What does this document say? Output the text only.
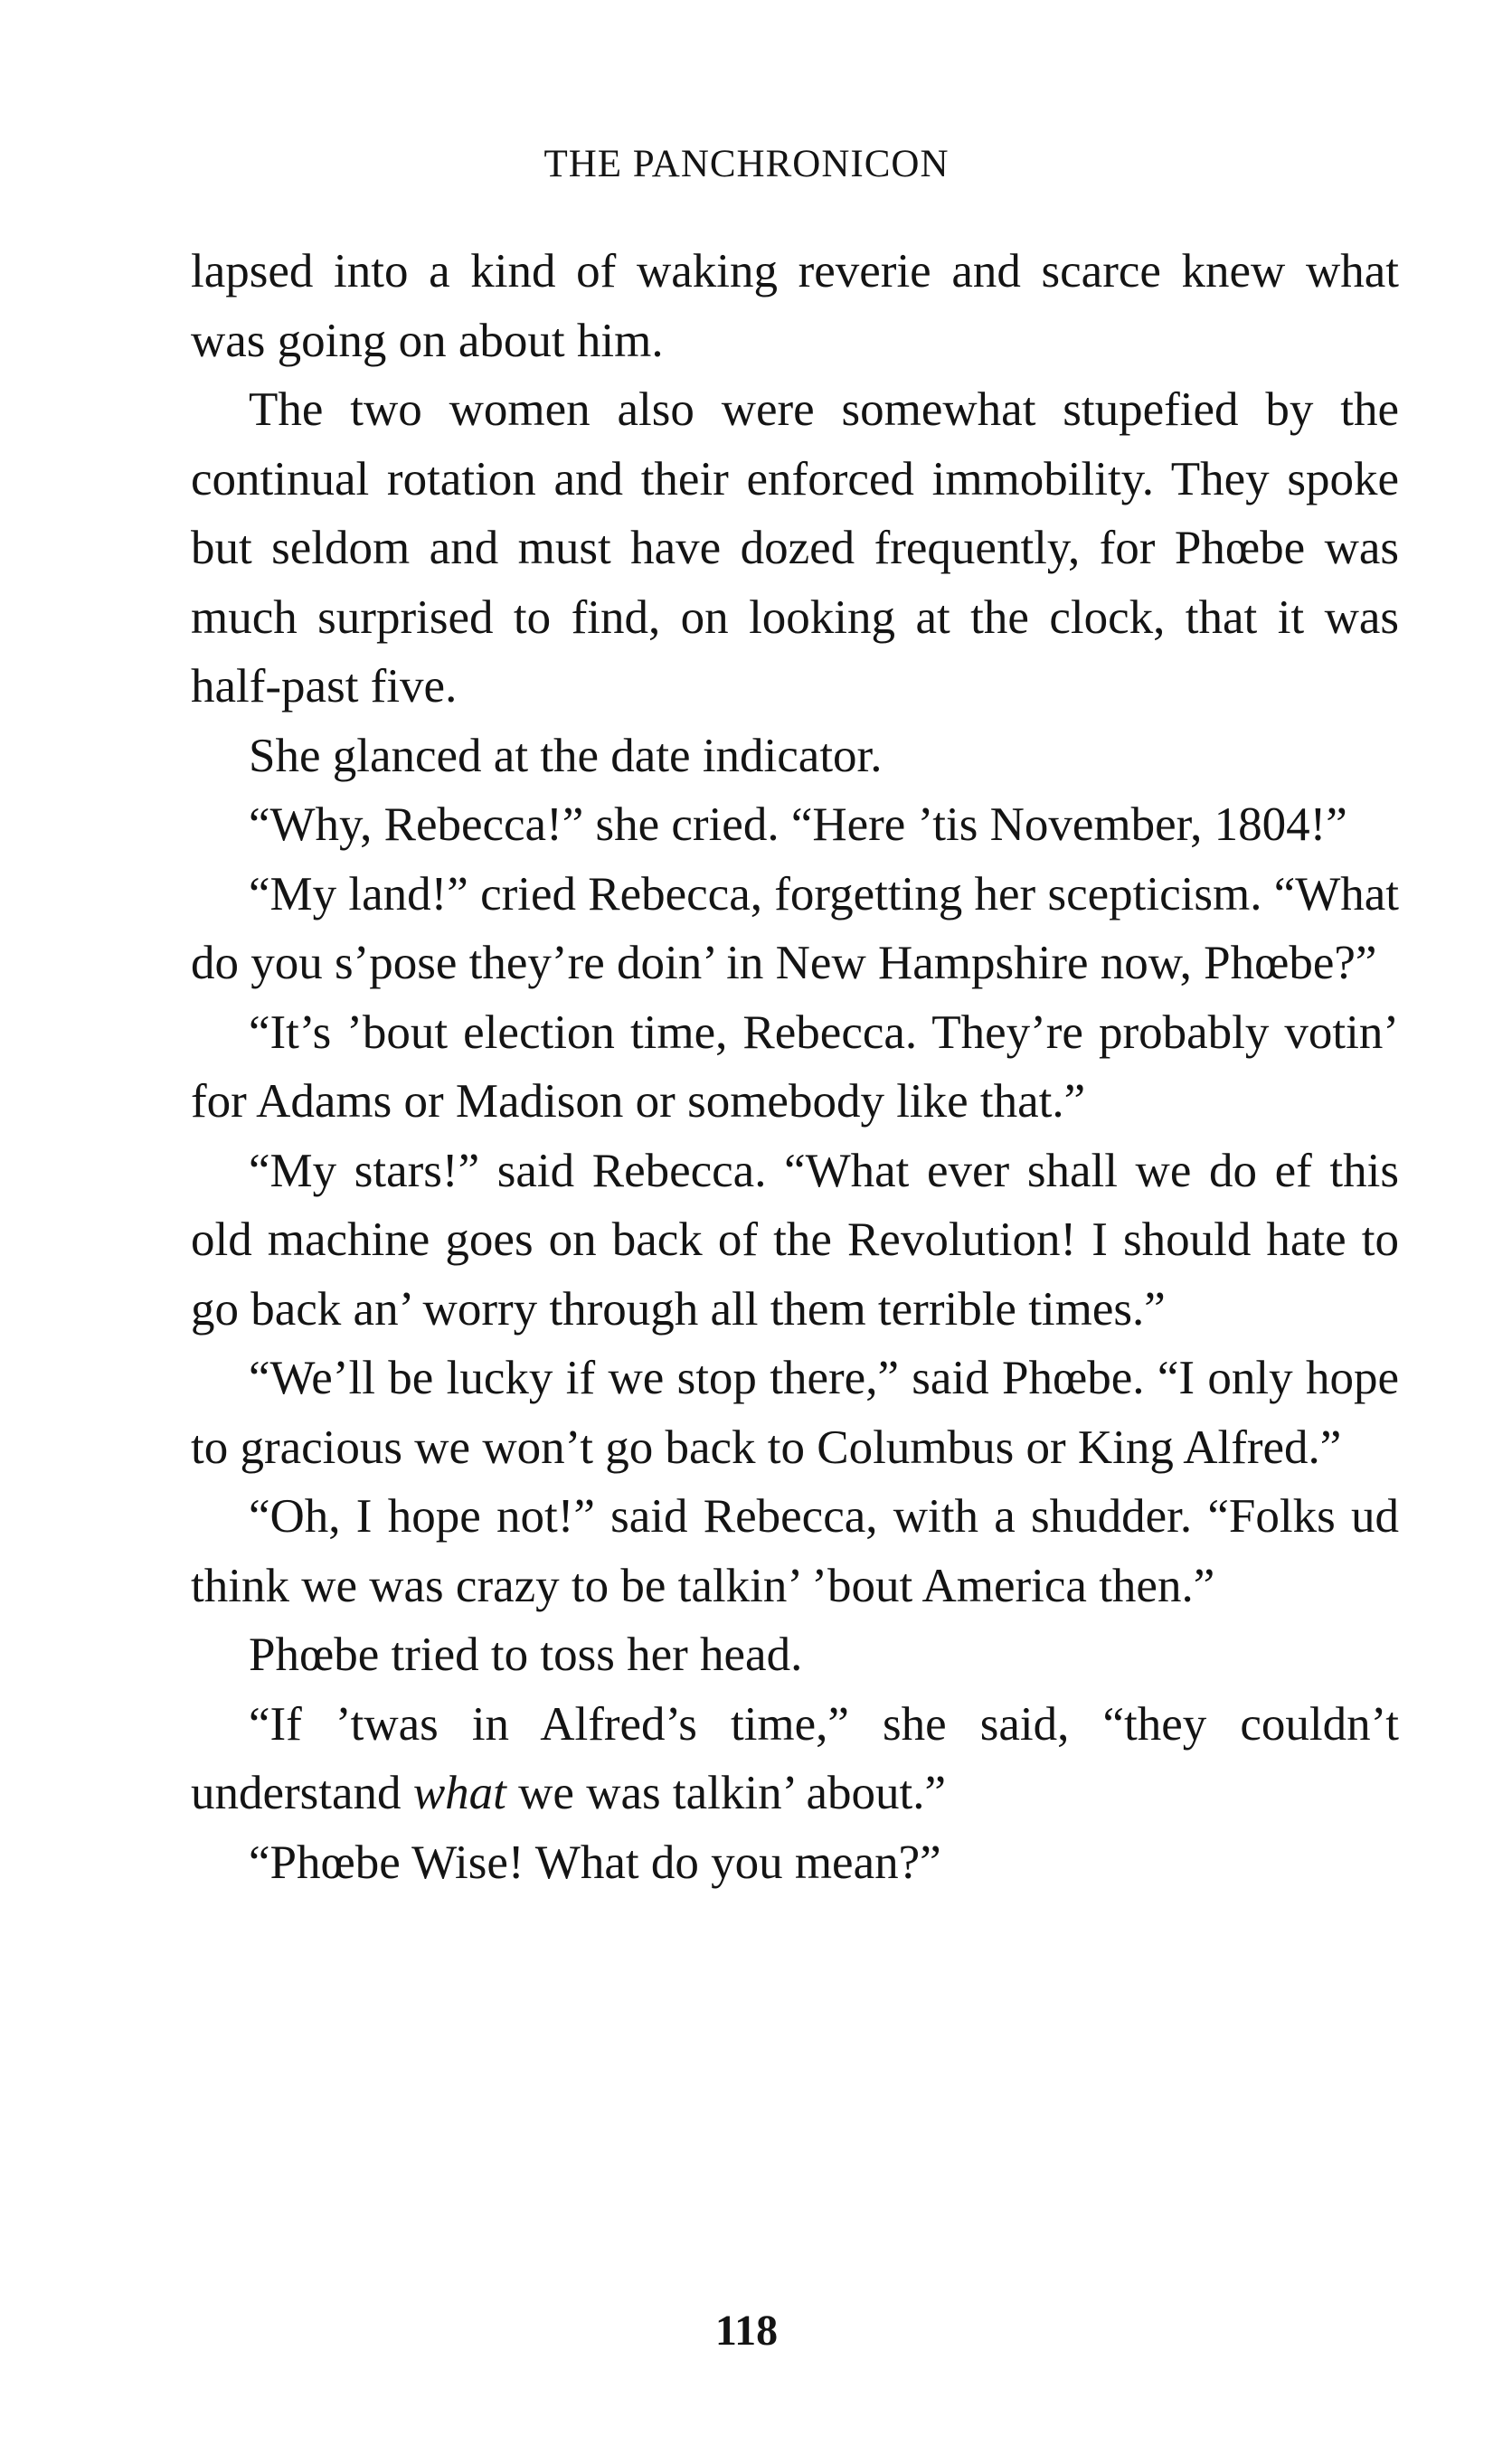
THE PANCHRONICON

lapsed into a kind of waking reverie and scarce knew what was going on about him.

The two women also were somewhat stupefied by the continual rotation and their enforced immobility. They spoke but seldom and must have dozed frequently, for Phœbe was much surprised to find, on looking at the clock, that it was half-past five.

She glanced at the date indicator.

“Why, Rebecca!” she cried. “Here ’tis November, 1804!”

“My land!” cried Rebecca, forgetting her scepticism. “What do you s’pose they’re doin’ in New Hampshire now, Phœbe?”

“It’s ’bout election time, Rebecca. They’re probably votin’ for Adams or Madison or somebody like that.”

“My stars!” said Rebecca. “What ever shall we do ef this old machine goes on back of the Revolution! I should hate to go back an’ worry through all them terrible times.”

“We’ll be lucky if we stop there,” said Phœbe. “I only hope to gracious we won’t go back to Columbus or King Alfred.”

“Oh, I hope not!” said Rebecca, with a shudder. “Folks ud think we was crazy to be talkin’ ’bout America then.”

Phœbe tried to toss her head.

“If ’twas in Alfred’s time,” she said, “they couldn’t understand what we was talkin’ about.”

“Phœbe Wise! What do you mean?”

118
